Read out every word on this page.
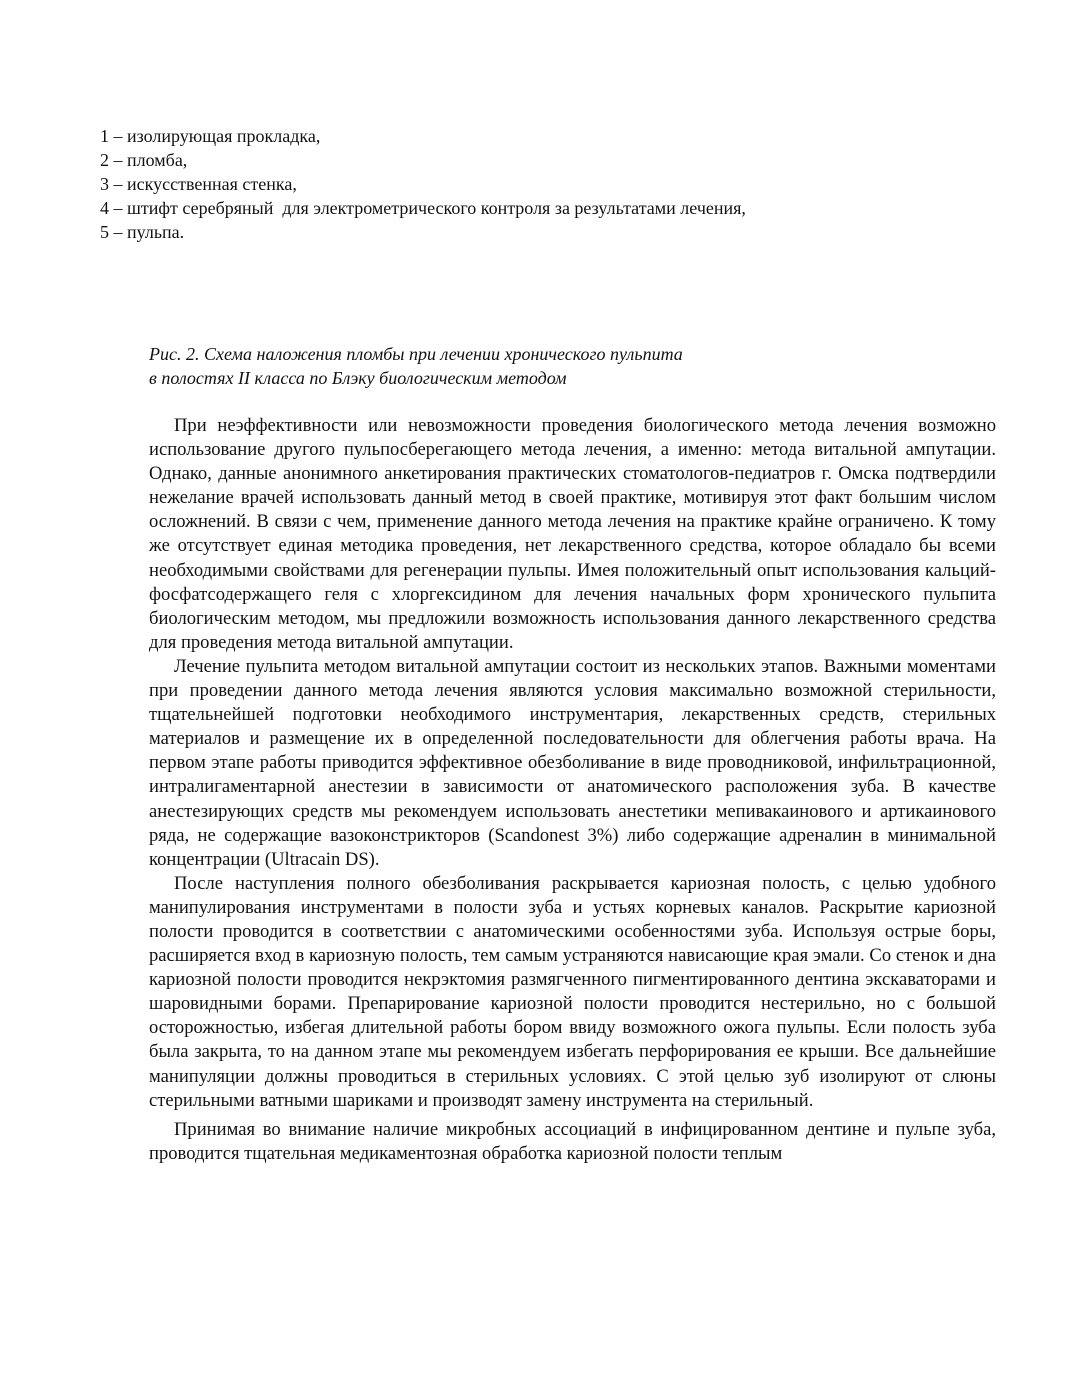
1 – изолирующая прокладка,
2 – пломба,
3 – искусственная стенка,
4 – штифт серебряный  для электрометрического контроля за результатами лечения,
5 – пульпа.
Рис. 2. Схема наложения пломбы при лечении хронического пульпита
в полостях II класса по Блэку биологическим методом

При неэффективности или невозможности проведения биологического метода лечения возможно использование другого пульпосберегающего метода лечения, а именно: метода витальной ампутации. Однако, данные анонимного анкетирования практических стоматологов-педиатров г. Омска подтвердили нежелание врачей использовать данный метод в своей практике, мотивируя этот факт большим числом осложнений. В связи с чем, применение данного метода лечения на практике крайне ограничено. К тому же отсутствует единая методика проведения, нет лекарственного средства, которое обладало бы всеми необходимыми свойствами для регенерации пульпы. Имея положительный опыт использования кальций-фосфатсодержащего геля с хлоргексидином для лечения начальных форм хронического пульпита биологическим методом, мы предложили возможность использования данного лекарственного средства для проведения метода витальной ампутации.

Лечение пульпита методом витальной ампутации состоит из нескольких этапов. Важными моментами при проведении данного метода лечения являются условия максимально возможной стерильности, тщательнейшей подготовки необходимого инструментария, лекарственных средств, стерильных материалов и размещение их в определенной последовательности для облегчения работы врача. На первом этапе работы приводится эффективное обезболивание в виде проводниковой, инфильтрационной, интралигаментарной анестезии в зависимости от анатомического расположения зуба. В качестве анестезирующих средств мы рекомендуем использовать анестетики мепивакаинового и артикаинового ряда, не содержащие вазоконстрикторов (Scandonest 3%) либо содержащие адреналин в минимальной концентрации (Ultracain DS).

После наступления полного обезболивания раскрывается кариозная полость, с целью удобного манипулирования инструментами в полости зуба и устьях корневых каналов. Раскрытие кариозной полости проводится в соответствии с анатомическими особенностями зуба. Используя острые боры, расширяется вход в кариозную полость, тем самым устраняются нависающие края эмали. Со стенок и дна кариозной полости проводится некрэктомия размягченного пигментированного дентина экскаваторами и шаровидными борами. Препарирование кариозной полости проводится нестерильно, но с большой осторожностью, избегая длительной работы бором ввиду возможного ожога пульпы. Если полость зуба была закрыта, то на данном этапе мы рекомендуем избегать перфорирования ее крыши. Все дальнейшие манипуляции должны проводиться в стерильных условиях. С этой целью зуб изолируют от слюны стерильными ватными шариками и производят замену инструмента на стерильный.

Принимая во внимание наличие микробных ассоциаций в инфицированном дентине и пульпе зуба, проводится тщательная медикаментозная обработка кариозной полости теплым
